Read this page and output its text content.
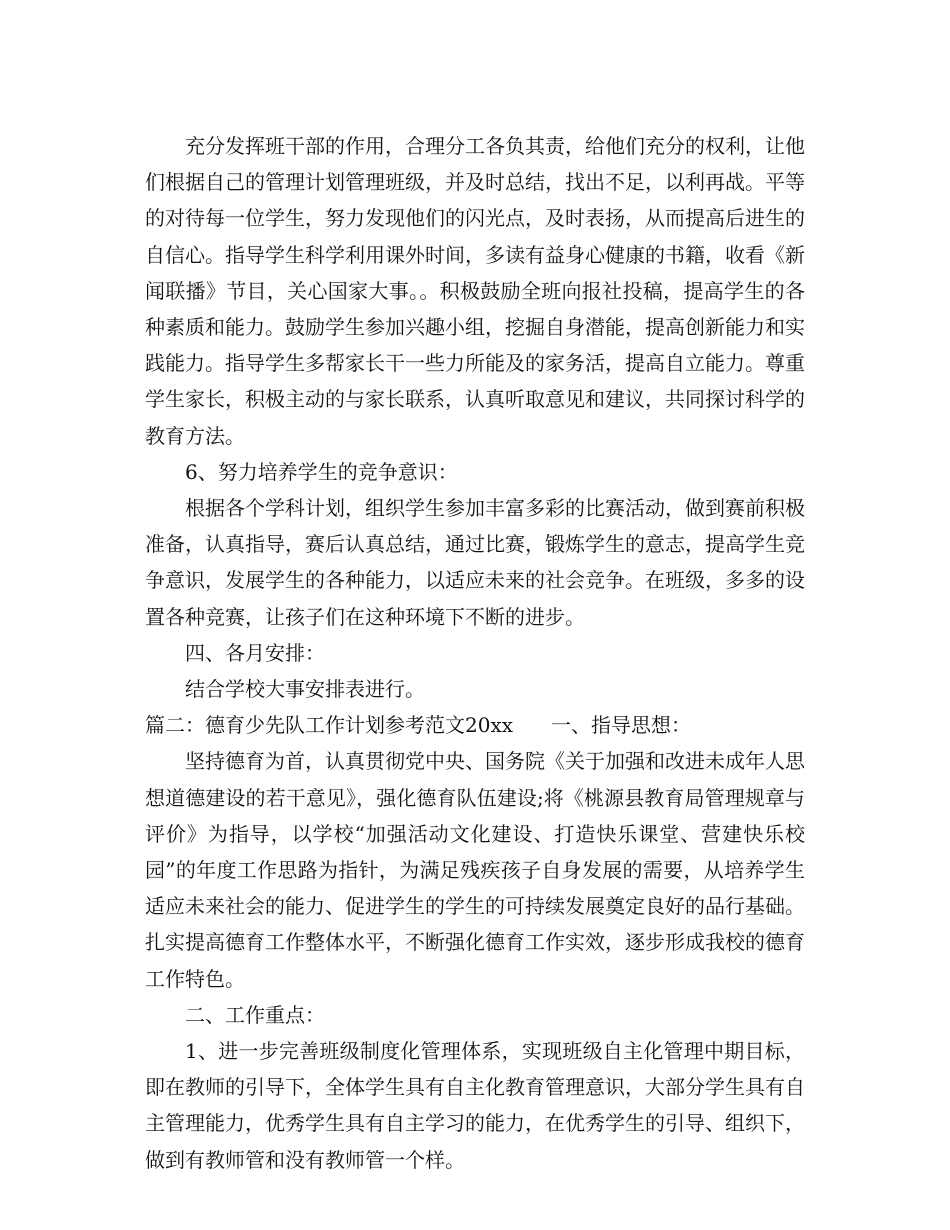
充分发挥班干部的作用，合理分工各负其责，给他们充分的权利，让他们根据自己的管理计划管理班级，并及时总结，找出不足，以利再战。平等的对待每一位学生，努力发现他们的闪光点，及时表扬，从而提高后进生的自信心。指导学生科学利用课外时间，多读有益身心健康的书籍，收看《新闻联播》节目，关心国家大事。。积极鼓励全班向报社投稿，提高学生的各种素质和能力。鼓励学生参加兴趣小组，挖掘自身潜能，提高创新能力和实践能力。指导学生多帮家长干一些力所能及的家务活，提高自立能力。尊重学生家长，积极主动的与家长联系，认真听取意见和建议，共同探讨科学的教育方法。

6、努力培养学生的竞争意识：

根据各个学科计划，组织学生参加丰富多彩的比赛活动，做到赛前积极准备，认真指导，赛后认真总结，通过比赛，锻炼学生的意志，提高学生竞争意识，发展学生的各种能力，以适应未来的社会竞争。在班级，多多的设置各种竞赛，让孩子们在这种环境下不断的进步。

四、各月安排：

结合学校大事安排表进行。

篇二：德育少先队工作计划参考范文20xx 一、指导思想：

坚持德育为首，认真贯彻党中央、国务院《关于加强和改进未成年人思想道德建设的若干意见》，强化德育队伍建设;将《桃源县教育局管理规章与评价》为指导，以学校“加强活动文化建设、打造快乐课堂、营建快乐校园”的年度工作思路为指针，为满足残疾孩子自身发展的需要，从培养学生适应未来社会的能力、促进学生的学生的可持续发展奠定良好的品行基础。扎实提高德育工作整体水平，不断强化德育工作实效，逐步形成我校的德育工作特色。

二、工作重点：

1、进一步完善班级制度化管理体系，实现班级自主化管理中期目标，即在教师的引导下，全体学生具有自主化教育管理意识，大部分学生具有自主管理能力，优秀学生具有自主学习的能力，在优秀学生的引导、组织下，做到有教师管和没有教师管一个样。
